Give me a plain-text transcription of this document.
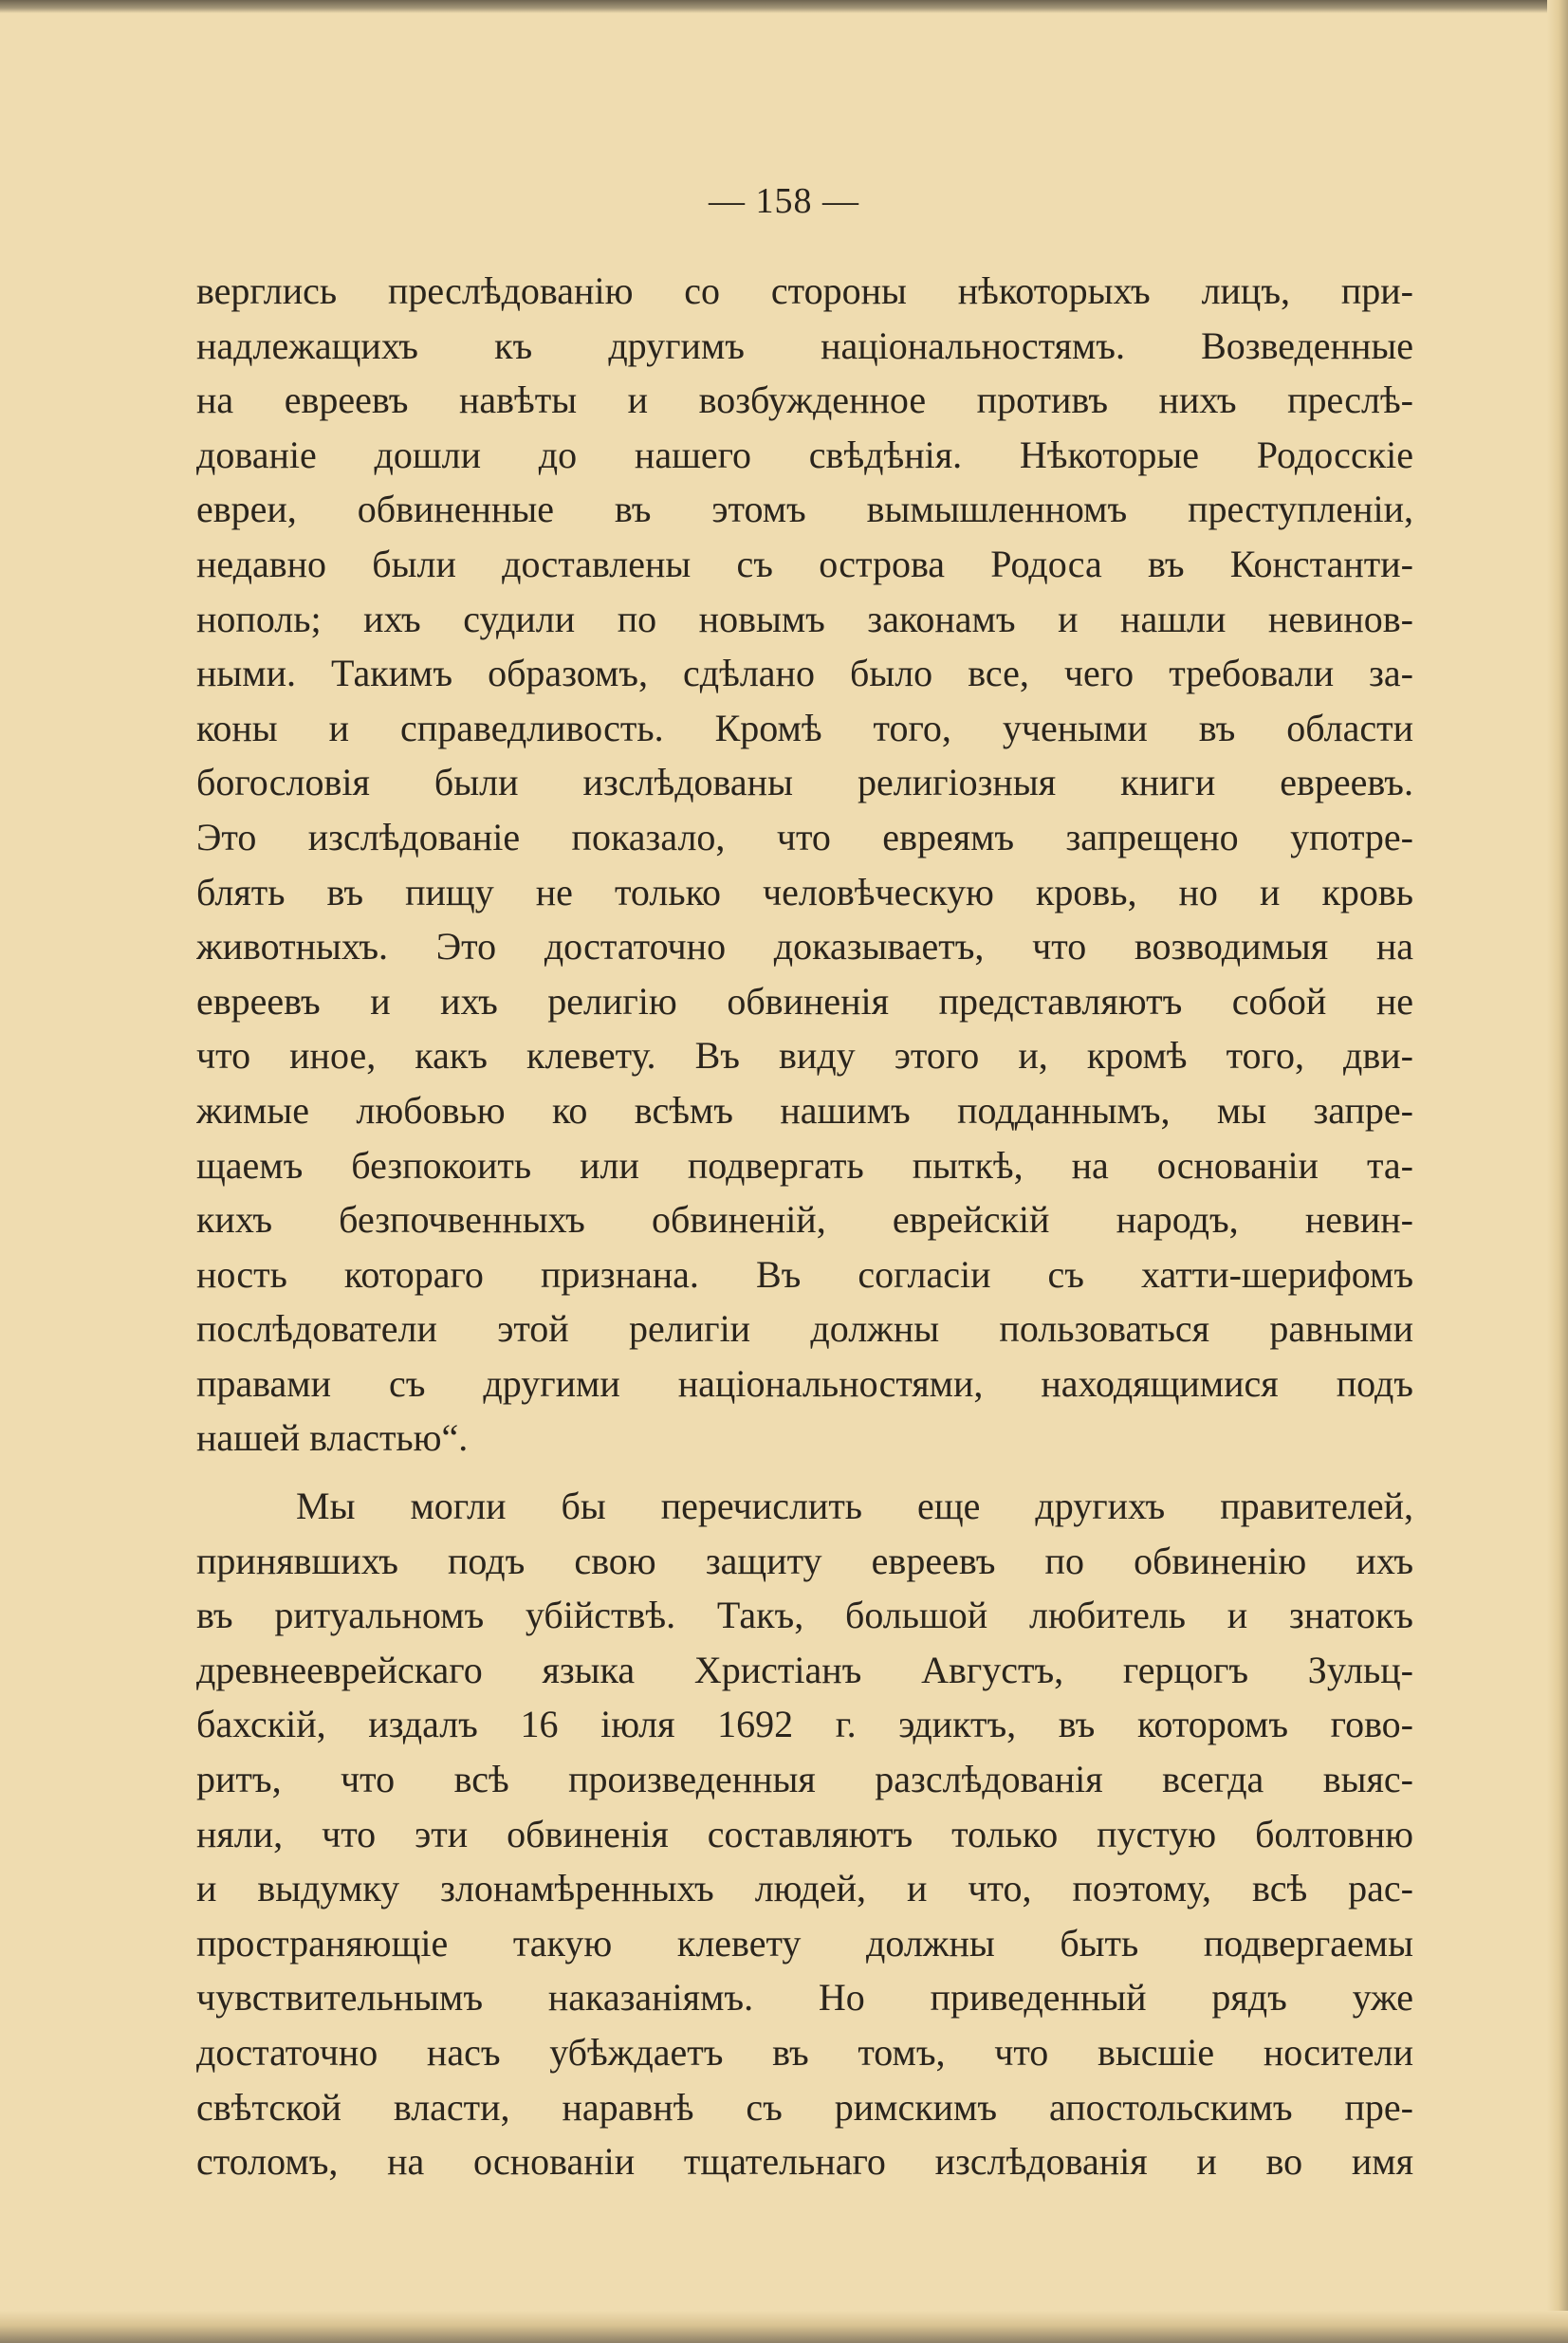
— 158 —
верглись преслѣдованію со стороны нѣкоторыхъ лицъ, при-
надлежащихъ къ другимъ національностямъ. Возведенные
на евреевъ навѣты и возбужденное противъ нихъ преслѣ-
дованіе дошли до нашего свѣдѣнія. Нѣкоторые Родосскіе
евреи, обвиненные въ этомъ вымышленномъ преступленіи,
недавно были доставлены съ острова Родоса въ Константи-
нополь; ихъ судили по новымъ законамъ и нашли невинов-
ными. Такимъ образомъ, сдѣлано было все, чего требовали за-
коны и справедливость. Кромѣ того, учеными въ области
богословія были изслѣдованы религіозныя книги евреевъ.
Это изслѣдованіе показало, что евреямъ запрещено употре-
блять въ пищу не только человѣческую кровь, но и кровь
животныхъ. Это достаточно доказываетъ, что возводимыя на
евреевъ и ихъ религію обвиненія представляютъ собой не
что иное, какъ клевету. Въ виду этого и, кромѣ того, дви-
жимые любовью ко всѣмъ нашимъ подданнымъ, мы запре-
щаемъ безпокоить или подвергать пыткѣ, на основаніи та-
кихъ безпочвенныхъ обвиненій, еврейскій народъ, невин-
ность котораго признана. Въ согласіи съ хатти-шерифомъ
послѣдователи этой религіи должны пользоваться равными
правами съ другими національностями, находящимися подъ
нашей властью“.
Мы могли бы перечислить еще другихъ правителей,
принявшихъ подъ свою защиту евреевъ по обвиненію ихъ
въ ритуальномъ убійствѣ. Такъ, большой любитель и знатокъ
древнееврейскаго языка Христіанъ Августъ, герцогъ Зульц-
бахскій, издалъ 16 іюля 1692 г. эдиктъ, въ которомъ гово-
ритъ, что всѣ произведенныя разслѣдованія всегда выяс-
няли, что эти обвиненія составляютъ только пустую болтовню
и выдумку злонамѣренныхъ людей, и что, поэтому, всѣ рас-
пространяющіе такую клевету должны быть подвергаемы
чувствительнымъ наказаніямъ. Но приведенный рядъ уже
достаточно насъ убѣждаетъ въ томъ, что высшіе носители
свѣтской власти, наравнѣ съ римскимъ апостольскимъ пре-
столомъ, на основаніи тщательнаго изслѣдованія и во имя
